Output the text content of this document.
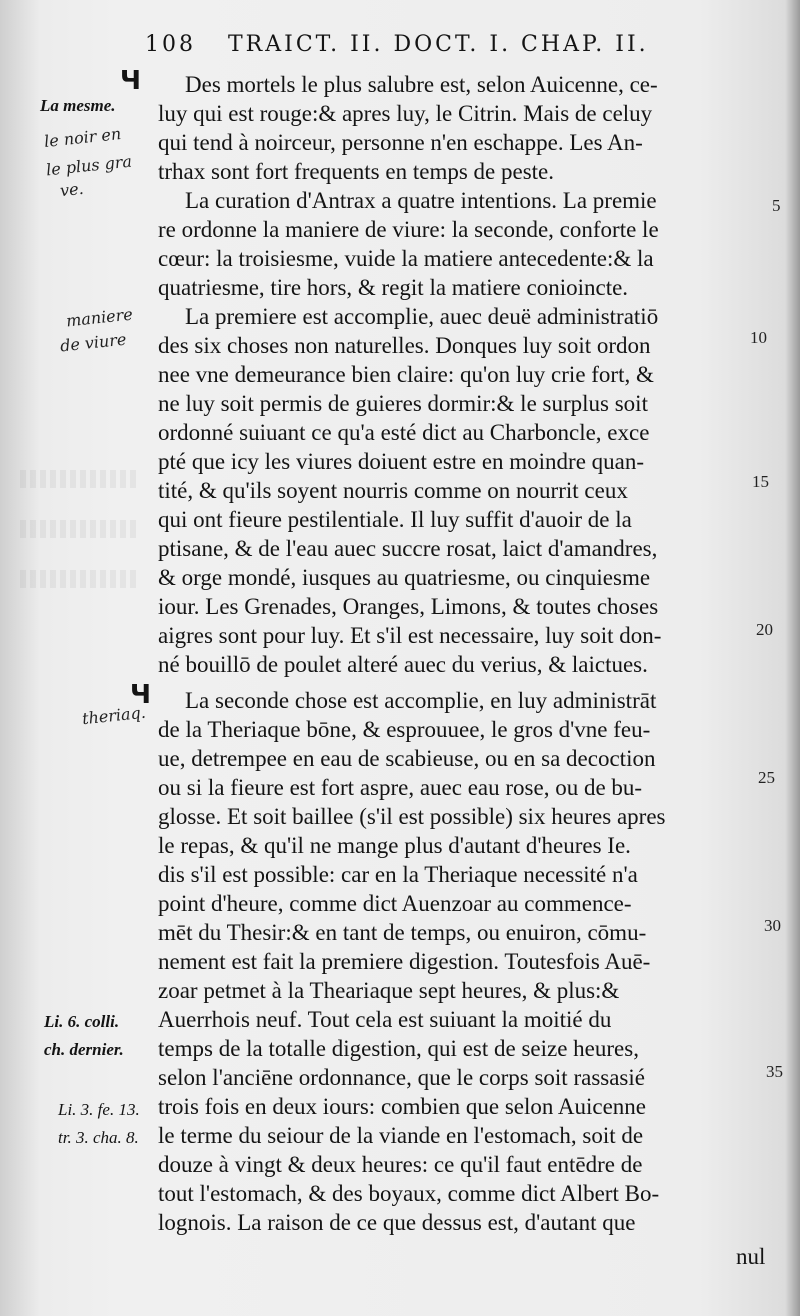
108 TRAICT. II. DOCT. I. CHAP. II.
Ч
Ч
La mesme.
Li. 6. colli.
ch. dernier.
Li. 3. fe. 13.
tr. 3. cha. 8.
le noir en
le plus gra
ve.
maniere
de viure
theriaq.
5
10
15
20
25
30
35
Des mortels le plus salubre est, selon Auicenne, ce-
luy qui est rouge:& apres luy, le Citrin. Mais de celuy
qui tend à noirceur, personne n'en eschappe. Les An-
trhax sont fort frequents en temps de peste.
La curation d'Antrax a quatre intentions. La premie
re ordonne la maniere de viure: la seconde, conforte le
cœur: la troisiesme, vuide la matiere antecedente:& la
quatriesme, tire hors, & regit la matiere conioincte.
La premiere est accomplie, auec deuë administratiō
des six choses non naturelles. Donques luy soit ordon
nee vne demeurance bien claire: qu'on luy crie fort, &
ne luy soit permis de guieres dormir:& le surplus soit
ordonné suiuant ce qu'a esté dict au Charboncle, exce
pté que icy les viures doiuent estre en moindre quan-
tité, & qu'ils soyent nourris comme on nourrit ceux
qui ont fieure pestilentiale. Il luy suffit d'auoir de la
ptisane, & de l'eau auec succre rosat, laict d'amandres,
& orge mondé, iusques au quatriesme, ou cinquiesme
iour. Les Grenades, Oranges, Limons, & toutes choses
aigres sont pour luy. Et s'il est necessaire, luy soit don-
né bouillō de poulet alteré auec du verius, & laictues.
La seconde chose est accomplie, en luy administrāt
de la Theriaque bōne, & esprouuee, le gros d'vne feu-
ue, detrempee en eau de scabieuse, ou en sa decoction
ou si la fieure est fort aspre, auec eau rose, ou de bu-
glosse. Et soit baillee (s'il est possible) six heures apres
le repas, & qu'il ne mange plus d'autant d'heures Ie.
dis s'il est possible: car en la Theriaque necessité n'a
point d'heure, comme dict Auenzoar au commence-
mēt du Thesir:& en tant de temps, ou enuiron, cōmu-
nement est fait la premiere digestion. Toutesfois Auē-
zoar petmet à la Theariaque sept heures, & plus:&
Auerrhois neuf. Tout cela est suiuant la moitié du
temps de la totalle digestion, qui est de seize heures,
selon l'anciēne ordonnance, que le corps soit rassasié
trois fois en deux iours: combien que selon Auicenne
le terme du seiour de la viande en l'estomach, soit de
douze à vingt & deux heures: ce qu'il faut entēdre de
tout l'estomach, & des boyaux, comme dict Albert Bo-
lognois. La raison de ce que dessus est, d'autant que
nul
